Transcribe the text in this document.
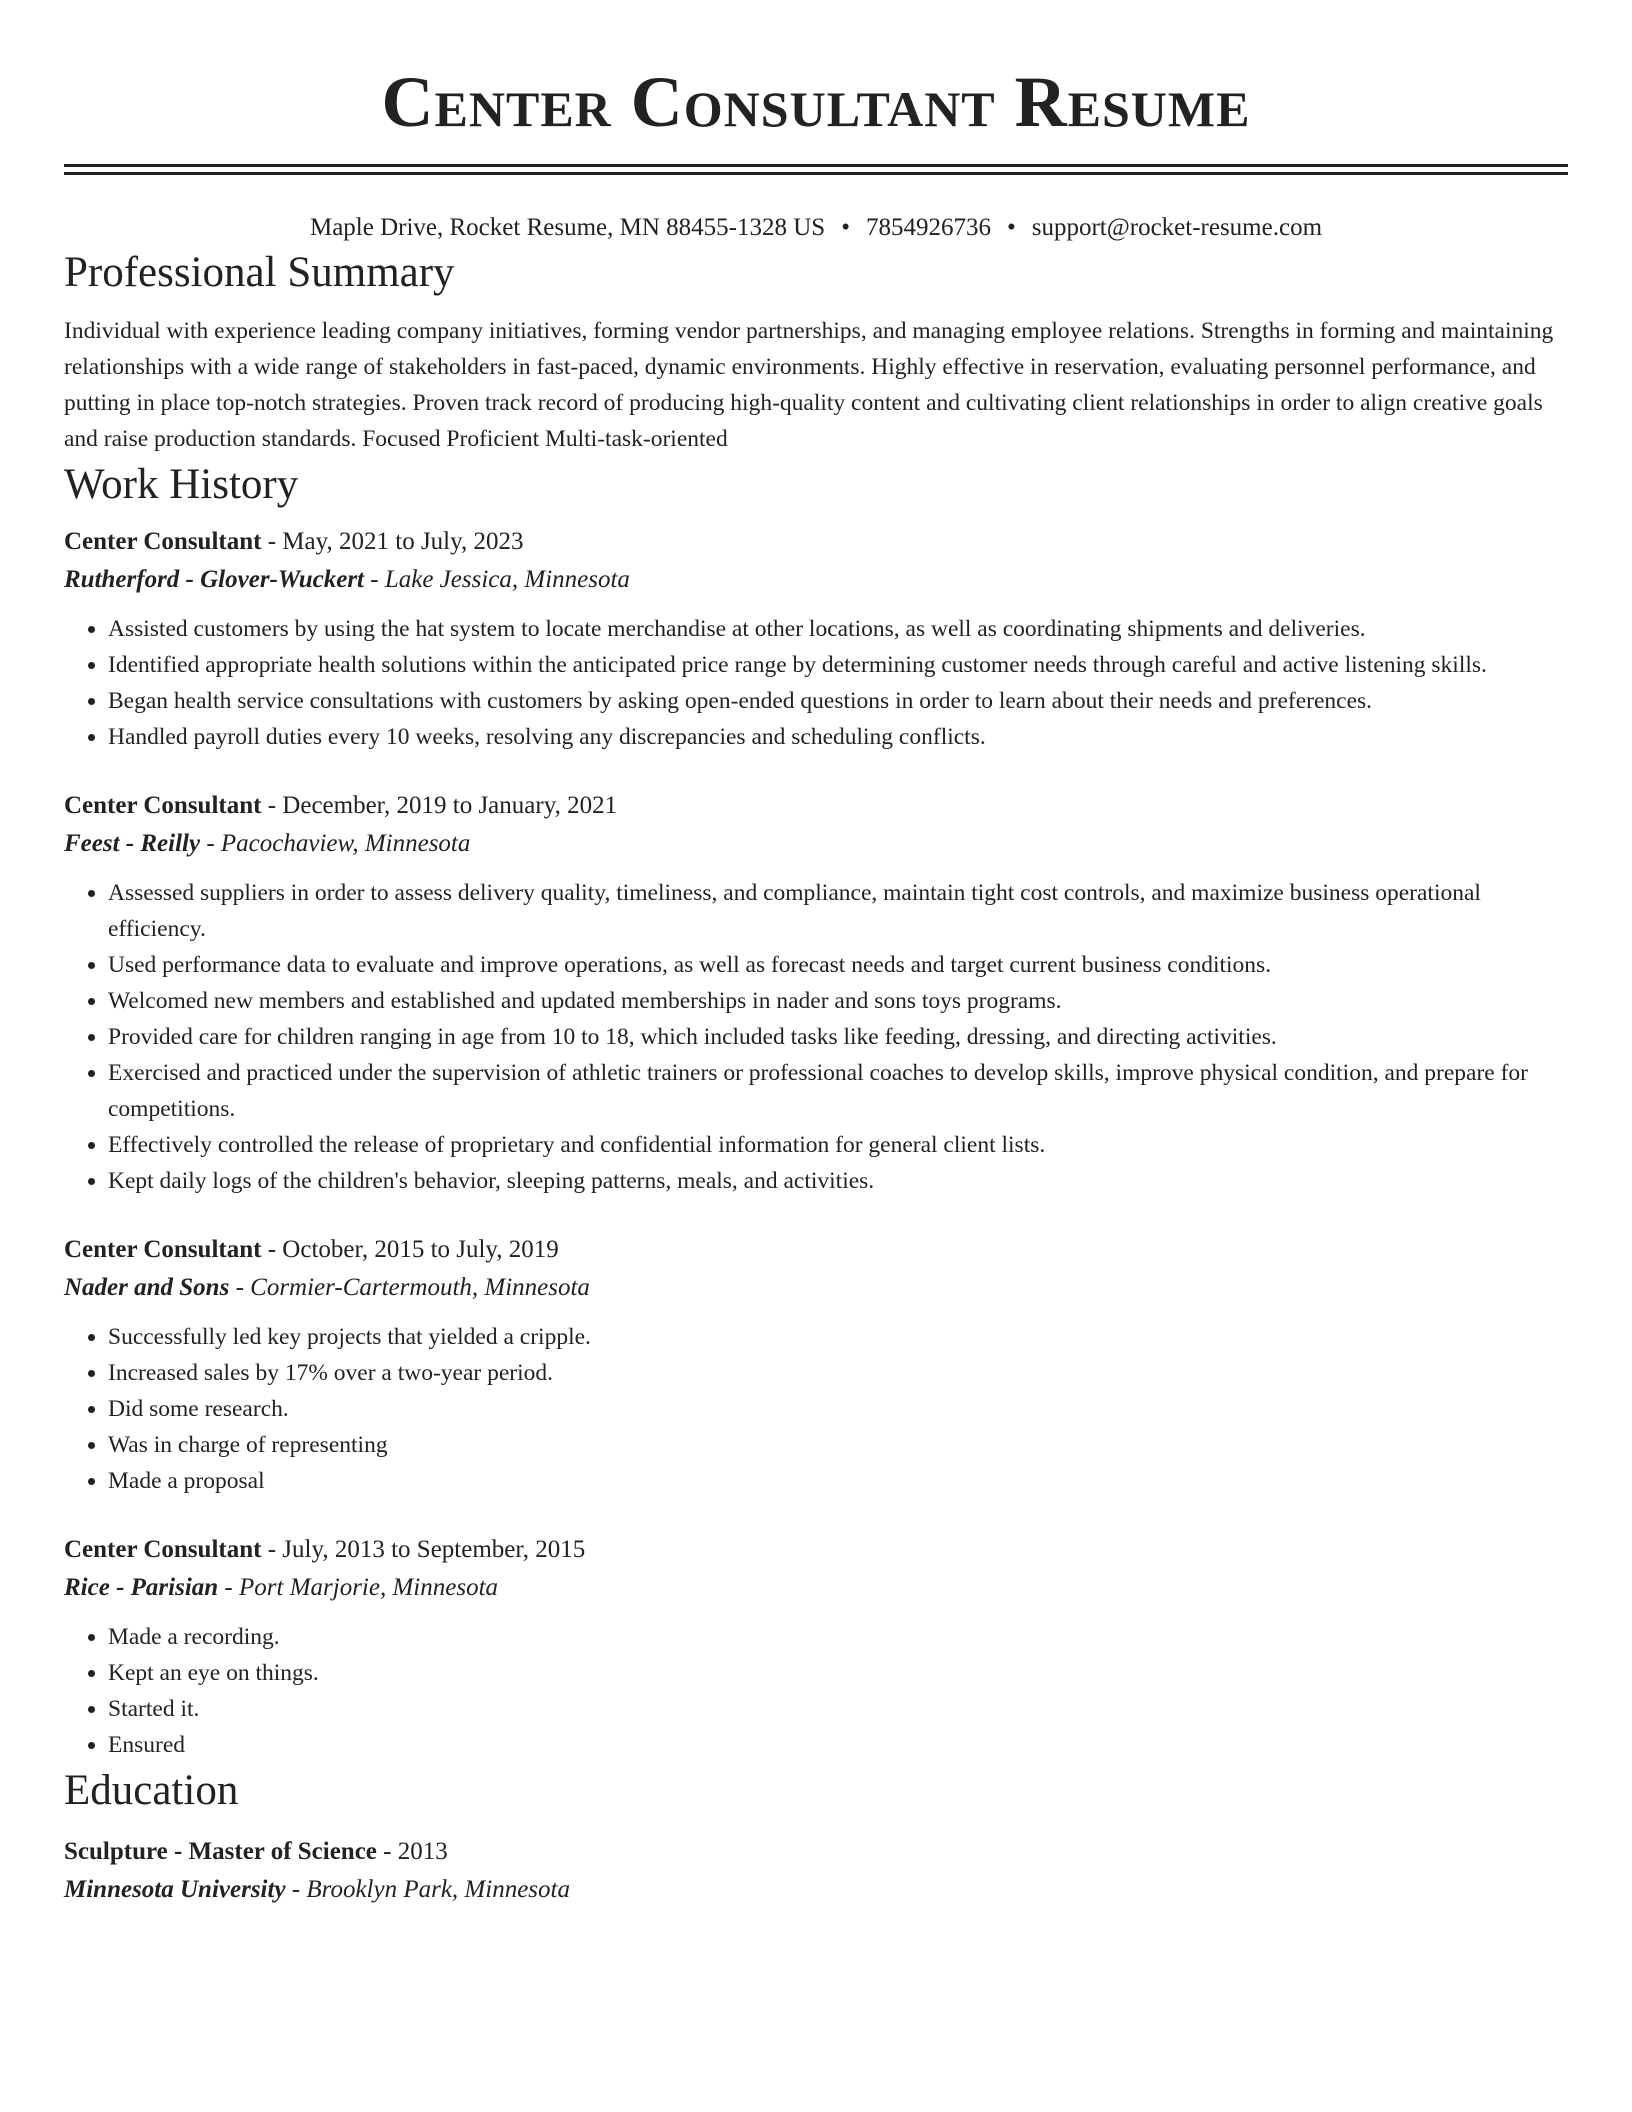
Center Consultant Resume
Maple Drive, Rocket Resume, MN 88455-1328 US • 7854926736 • support@rocket-resume.com
Professional Summary

Individual with experience leading company initiatives, forming vendor partnerships, and managing employee relations. Strengths in forming and maintaining relationships with a wide range of stakeholders in fast-paced, dynamic environments. Highly effective in reservation, evaluating personnel performance, and putting in place top-notch strategies. Proven track record of producing high-quality content and cultivating client relationships in order to align creative goals and raise production standards. Focused Proficient Multi-task-oriented

Work History
Center Consultant - May, 2021 to July, 2023
Rutherford - Glover-Wuckert - Lake Jessica, Minnesota
• Assisted customers by using the hat system to locate merchandise at other locations, as well as coordinating shipments and deliveries.
• Identified appropriate health solutions within the anticipated price range by determining customer needs through careful and active listening skills.
• Began health service consultations with customers by asking open-ended questions in order to learn about their needs and preferences.
• Handled payroll duties every 10 weeks, resolving any discrepancies and scheduling conflicts.
Center Consultant - December, 2019 to January, 2021
Feest - Reilly - Pacochaview, Minnesota
• Assessed suppliers in order to assess delivery quality, timeliness, and compliance, maintain tight cost controls, and maximize business operational efficiency.
• Used performance data to evaluate and improve operations, as well as forecast needs and target current business conditions.
• Welcomed new members and established and updated memberships in nader and sons toys programs.
• Provided care for children ranging in age from 10 to 18, which included tasks like feeding, dressing, and directing activities.
• Exercised and practiced under the supervision of athletic trainers or professional coaches to develop skills, improve physical condition, and prepare for competitions.
• Effectively controlled the release of proprietary and confidential information for general client lists.
• Kept daily logs of the children's behavior, sleeping patterns, meals, and activities.
Center Consultant - October, 2015 to July, 2019
Nader and Sons - Cormier-Cartermouth, Minnesota
• Successfully led key projects that yielded a cripple.
• Increased sales by 17% over a two-year period.
• Did some research.
• Was in charge of representing
• Made a proposal
Center Consultant - July, 2013 to September, 2015
Rice - Parisian - Port Marjorie, Minnesota
• Made a recording.
• Kept an eye on things.
• Started it.
• Ensured
Education
Sculpture - Master of Science - 2013
Minnesota University - Brooklyn Park, Minnesota
